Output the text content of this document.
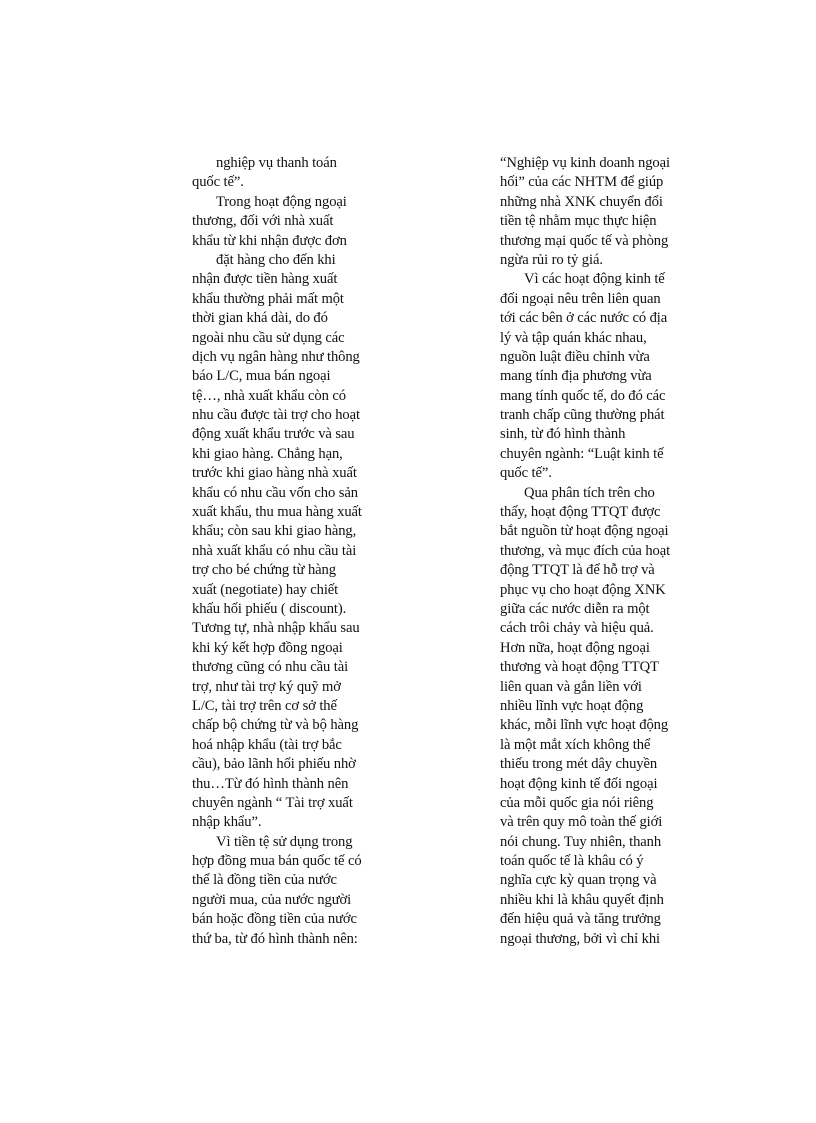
nghiệp vụ thanh toán
quốc tế”.
Trong hoạt động ngoại
thương, đối với nhà xuất
khẩu từ khi nhận được đơn
đặt hàng cho đến khi
nhận được tiền hàng xuất
khẩu thường phải mất một
thời gian khá dài, do đó
ngoài nhu cầu sử dụng các
dịch vụ ngân hàng như thông
báo L/C, mua bán ngoại
tệ…, nhà xuất khẩu còn có
nhu cầu được tài trợ cho hoạt
động xuất khẩu trước và sau
khi giao hàng. Chẳng hạn,
trước khi giao hàng nhà xuất
khẩu có nhu cầu vốn cho sản
xuất khẩu, thu mua hàng xuất
khẩu; còn sau khi giao hàng,
nhà xuất khẩu có nhu cầu tài
trợ cho bé chứng từ hàng
xuất (negotiate) hay chiết
khấu hối phiếu ( discount).
Tương tự, nhà nhập khẩu sau
khi ký kết hợp đồng ngoại
thương cũng có nhu cầu tài
trợ, như tài trợ ký quỹ mở
L/C, tài trợ trên cơ sở thế
chấp bộ chứng từ và bộ hàng
hoá nhập khẩu (tài trợ bắc
cầu), bảo lãnh hối phiếu nhờ
thu…Từ đó hình thành nên
chuyên ngành “ Tài trợ xuất
nhập khẩu”.
Vì tiền tệ sử dụng trong
hợp đồng mua bán quốc tế có
thể là đồng tiền của nước
người mua, của nước người
bán hoặc đồng tiền của nước
thứ ba, từ đó hình thành nên:
“Nghiệp vụ kinh doanh ngoại
hối” của các NHTM để giúp
những nhà XNK chuyển đổi
tiền tệ nhằm mục thực hiện
thương mại quốc tế và phòng
ngừa rủi ro tỷ giá.
Vì các hoạt động kinh tế
đối ngoại nêu trên liên quan
tới các bên ở các nước có địa
lý và tập quán khác nhau,
nguồn luật điều chỉnh vừa
mang tính địa phương vừa
mang tính quốc tế, do đó các
tranh chấp cũng thường phát
sinh, từ đó hình thành
chuyên ngành: “Luật kinh tế
quốc tế”.
Qua phân tích trên cho
thấy, hoạt động TTQT được
bắt nguồn từ hoạt động ngoại
thương, và mục đích của hoạt
động TTQT là để hỗ trợ và
phục vụ cho hoạt động XNK
giữa các nước diễn ra một
cách trôi chảy và hiệu quả.
Hơn nữa, hoạt động ngoại
thương và hoạt động TTQT
liên quan và gắn liền với
nhiều lĩnh vực hoạt động
khác, mỗi lĩnh vực hoạt động
là một mắt xích không thể
thiếu trong mét dây chuyền
hoạt động kinh tế đối ngoại
của mỗi quốc gia nói riêng
và trên quy mô toàn thế giới
nói chung. Tuy nhiên, thanh
toán quốc tế là khâu có ý
nghĩa cực kỳ quan trọng và
nhiều khi là khâu quyết định
đến hiệu quả và tăng trưởng
ngoại thương, bởi vì chỉ khi
